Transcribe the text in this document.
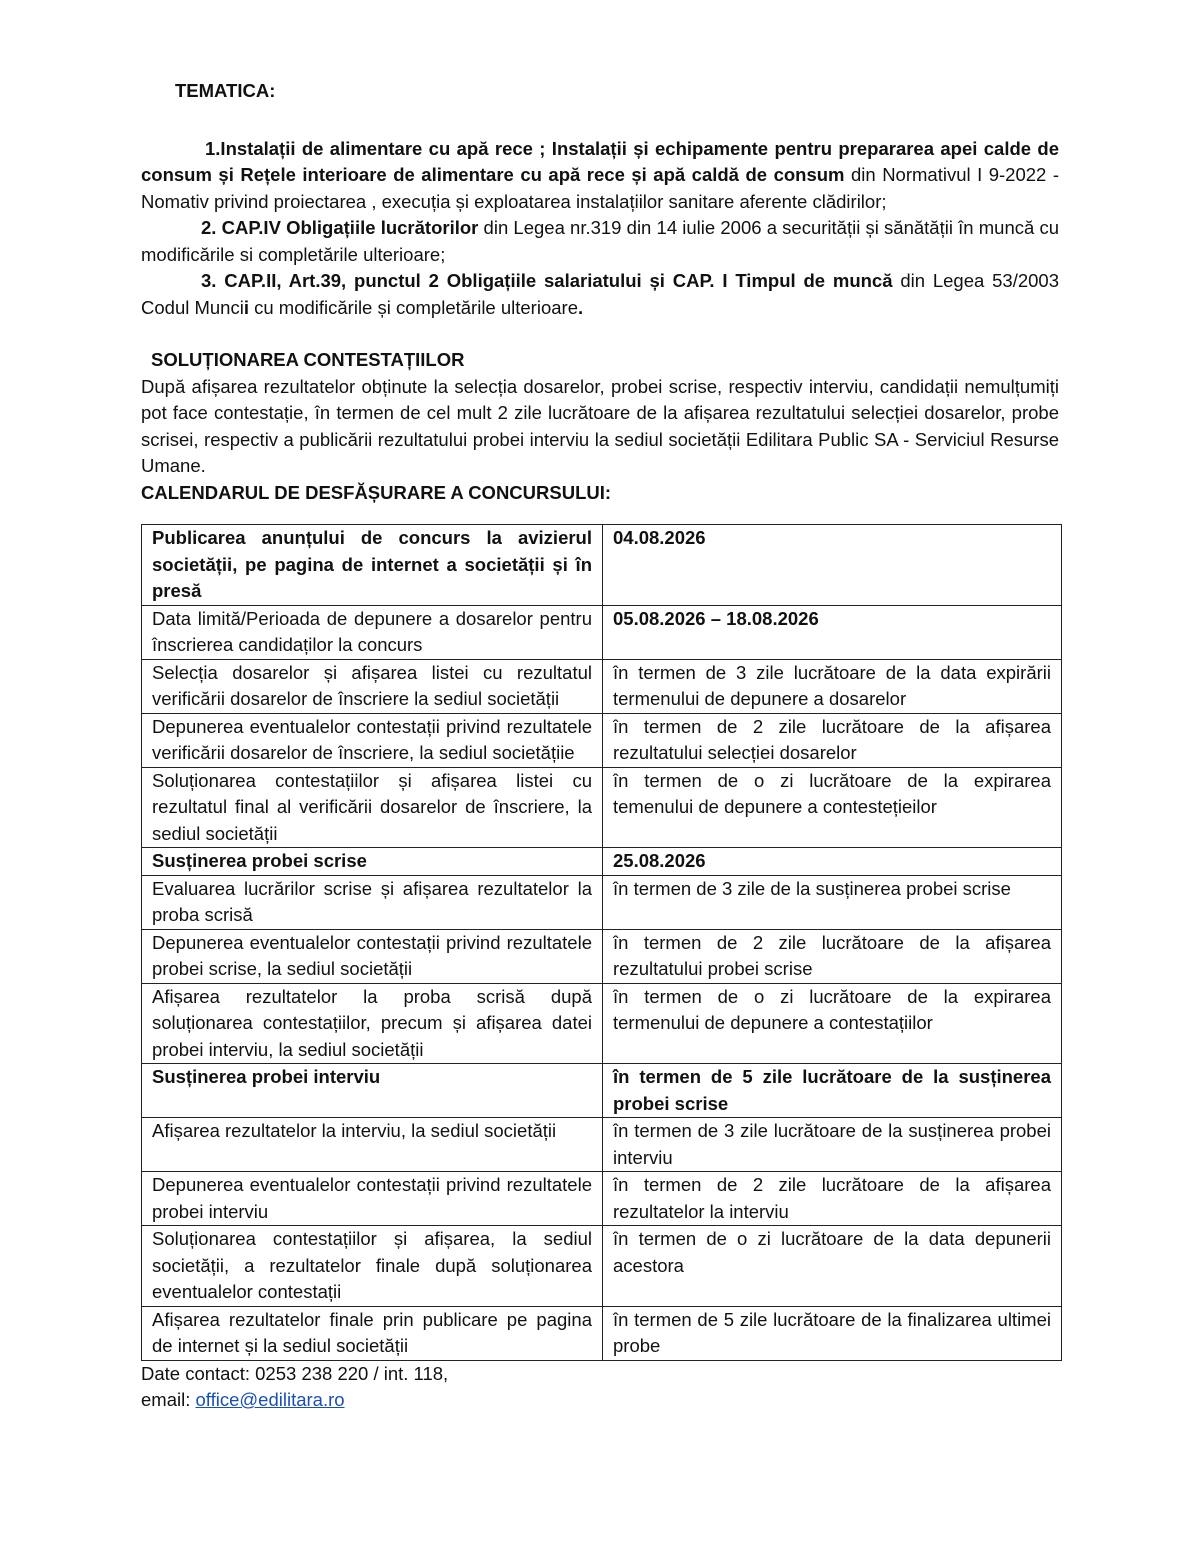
TEMATICA:
1.Instalații de alimentare cu apă rece ; Instalații și echipamente pentru prepararea apei calde de consum și Rețele interioare de alimentare cu apă rece și apă caldă de consum din Normativul I 9-2022 - Nomativ privind proiectarea , execuția și exploatarea instalațiilor sanitare aferente clădirilor;
2. CAP.IV Obligațiile lucrătorilor din Legea nr.319 din 14 iulie 2006 a securității și sănătății în muncă cu modificările si completările ulterioare;
3. CAP.II, Art.39, punctul 2 Obligațiile salariatului și CAP. I Timpul de muncă din Legea 53/2003 Codul Muncii cu modificările și completările ulterioare.
SOLUȚIONAREA CONTESTAȚIILOR
După afișarea rezultatelor obținute la selecția dosarelor, probei scrise, respectiv interviu, candidații nemulțumiți pot face contestație, în termen de cel mult 2 zile lucrătoare de la afișarea rezultatului selecției dosarelor, probe scrisei, respectiv a publicării rezultatului probei interviu la sediul societății Edilitara Public SA - Serviciul Resurse Umane.
CALENDARUL DE DESFĂȘURARE A CONCURSULUI:
Publicarea anunțului de concurs la avizierul societății, pe pagina de internet a societății și în presă	04.08.2026
Data limită/Perioada de depunere a dosarelor pentru înscrierea candidaților la concurs	05.08.2026 – 18.08.2026
Selecția dosarelor și afișarea listei cu rezultatul verificării dosarelor de înscriere la sediul societății	în termen de 3 zile lucrătoare de la data expirării termenului de depunere a dosarelor
Depunerea eventualelor contestații privind rezultatele verificării dosarelor de înscriere, la sediul societățiie	în termen de 2 zile lucrătoare de la afișarea rezultatului selecției dosarelor
Soluționarea contestațiilor și afișarea listei cu rezultatul final al verificării dosarelor de înscriere, la sediul societății	în termen de o zi lucrătoare de la expirarea temenului de depunere a contestețieilor
Susținerea probei scrise	25.08.2026
Evaluarea lucrărilor scrise și afișarea rezultatelor la proba scrisă	în termen de 3 zile de la susținerea probei scrise
Depunerea eventualelor contestații privind rezultatele probei scrise, la sediul societății	în termen de 2 zile lucrătoare de la afișarea rezultatului probei scrise
Afișarea rezultatelor la proba scrisă după soluționarea contestațiilor, precum și afișarea datei probei interviu, la sediul societății	în termen de o zi lucrătoare de la expirarea termenului de depunere a contestațiilor
Susținerea probei interviu	în termen de 5 zile lucrătoare de la susținerea probei scrise
Afișarea rezultatelor la interviu, la sediul societății	în termen de 3 zile lucrătoare de la susținerea probei interviu
Depunerea eventualelor contestații privind rezultatele probei interviu	în termen de 2 zile lucrătoare de la afișarea rezultatelor la interviu
Soluționarea contestațiilor și afișarea, la sediul societății, a rezultatelor finale după soluționarea eventualelor contestații	în termen de o zi lucrătoare de la data depunerii acestora
Afișarea rezultatelor finale prin publicare pe pagina de internet și la sediul societății	în termen de 5 zile lucrătoare de la finalizarea ultimei probe
Date contact: 0253 238 220 / int. 118,
email: office@edilitara.ro
